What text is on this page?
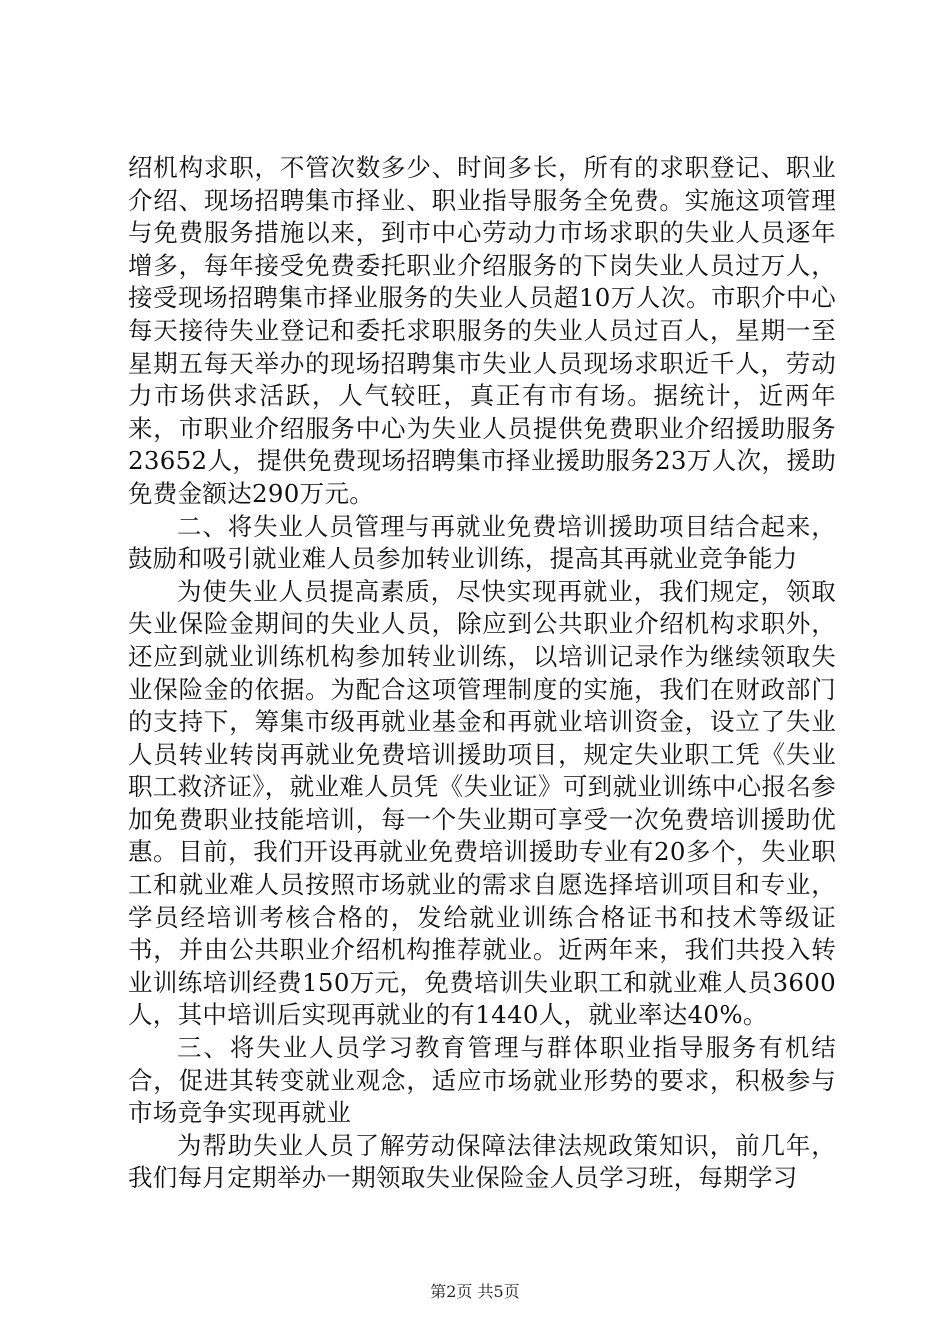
绍机构求职，不管次数多少、时间多长，所有的求职登记、职业介绍、现场招聘集市择业、职业指导服务全免费。实施这项管理与免费服务措施以来，到市中心劳动力市场求职的失业人员逐年增多，每年接受免费委托职业介绍服务的下岗失业人员过万人，接受现场招聘集市择业服务的失业人员超10万人次。市职介中心每天接待失业登记和委托求职服务的失业人员过百人，星期一至星期五每天举办的现场招聘集市失业人员现场求职近千人，劳动力市场供求活跃，人气较旺，真正有市有场。据统计，近两年来，市职业介绍服务中心为失业人员提供免费职业介绍援助服务23652人，提供免费现场招聘集市择业援助服务23万人次，援助免费金额达290万元。

二、将失业人员管理与再就业免费培训援助项目结合起来，鼓励和吸引就业难人员参加转业训练，提高其再就业竞争能力

为使失业人员提高素质，尽快实现再就业，我们规定，领取失业保险金期间的失业人员，除应到公共职业介绍机构求职外，还应到就业训练机构参加转业训练，以培训记录作为继续领取失业保险金的依据。为配合这项管理制度的实施，我们在财政部门的支持下，筹集市级再就业基金和再就业培训资金，设立了失业人员转业转岗再就业免费培训援助项目，规定失业职工凭《失业职工救济证》，就业难人员凭《失业证》可到就业训练中心报名参加免费职业技能培训，每一个失业期可享受一次免费培训援助优惠。目前，我们开设再就业免费培训援助专业有20多个，失业职工和就业难人员按照市场就业的需求自愿选择培训项目和专业，学员经培训考核合格的，发给就业训练合格证书和技术等级证书，并由公共职业介绍机构推荐就业。近两年来，我们共投入转业训练培训经费150万元，免费培训失业职工和就业难人员3600人，其中培训后实现再就业的有1440人，就业率达40%。

三、将失业人员学习教育管理与群体职业指导服务有机结合，促进其转变就业观念，适应市场就业形势的要求，积极参与市场竞争实现再就业

为帮助失业人员了解劳动保障法律法规政策知识，前几年，我们每月定期举办一期领取失业保险金人员学习班，每期学习

第2页 共5页
